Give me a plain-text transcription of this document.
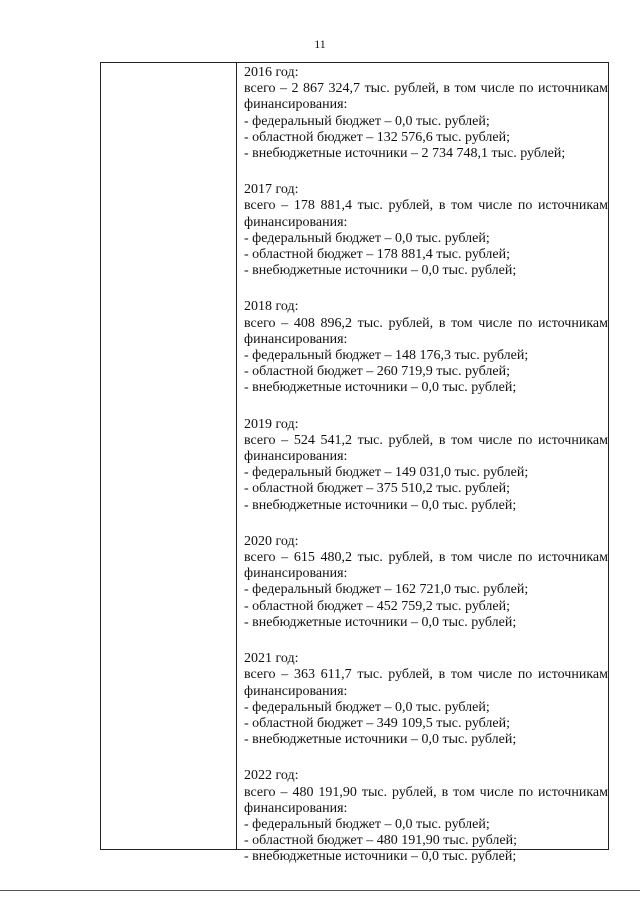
11
2016 год:
всего – 2 867 324,7 тыс. рублей, в том числе по источникам
финансирования:
- федеральный бюджет – 0,0 тыс. рублей;
- областной бюджет – 132 576,6 тыс. рублей;
- внебюджетные источники – 2 734 748,1 тыс. рублей;
2017 год:
всего – 178 881,4 тыс. рублей, в том числе по источникам
финансирования:
- федеральный бюджет – 0,0 тыс. рублей;
- областной бюджет – 178 881,4 тыс. рублей;
- внебюджетные источники – 0,0 тыс. рублей;
2018 год:
всего – 408 896,2 тыс. рублей, в том числе по источникам
финансирования:
- федеральный бюджет – 148 176,3 тыс. рублей;
- областной бюджет – 260 719,9 тыс. рублей;
- внебюджетные источники – 0,0 тыс. рублей;
2019 год:
всего – 524 541,2 тыс. рублей, в том числе по источникам
финансирования:
- федеральный бюджет – 149 031,0 тыс. рублей;
- областной бюджет – 375 510,2 тыс. рублей;
- внебюджетные источники – 0,0 тыс. рублей;
2020 год:
всего – 615 480,2 тыс. рублей, в том числе по источникам
финансирования:
- федеральный бюджет – 162 721,0 тыс. рублей;
- областной бюджет – 452 759,2 тыс. рублей;
- внебюджетные источники – 0,0 тыс. рублей;
2021 год:
всего – 363 611,7 тыс. рублей, в том числе по источникам
финансирования:
- федеральный бюджет – 0,0 тыс. рублей;
- областной бюджет – 349 109,5 тыс. рублей;
- внебюджетные источники – 0,0 тыс. рублей;
2022 год:
всего – 480 191,90 тыс. рублей, в том числе по источникам
финансирования:
- федеральный бюджет – 0,0 тыс. рублей;
- областной бюджет – 480 191,90 тыс. рублей;
- внебюджетные источники – 0,0 тыс. рублей;
